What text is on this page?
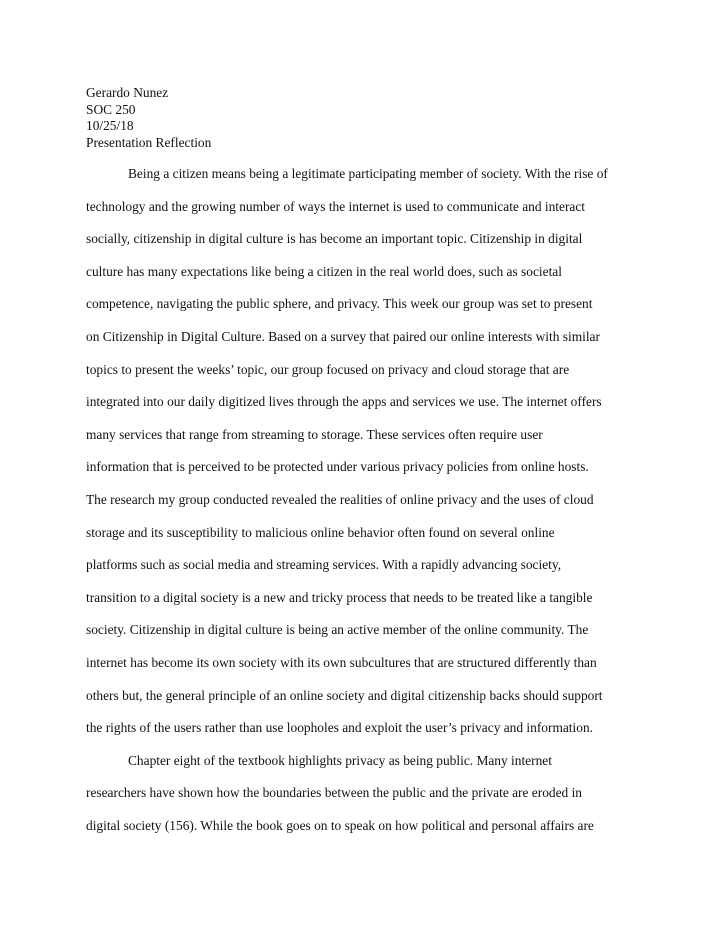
Gerardo Nunez
SOC 250
10/25/18
Presentation Reflection
Being a citizen means being a legitimate participating member of society. With the rise of
technology and the growing number of ways the internet is used to communicate and interact
socially, citizenship in digital culture is has become an important topic. Citizenship in digital
culture has many expectations like being a citizen in the real world does, such as societal
competence, navigating the public sphere, and privacy. This week our group was set to present
on Citizenship in Digital Culture. Based on a survey that paired our online interests with similar
topics to present the weeks’ topic, our group focused on privacy and cloud storage that are
integrated into our daily digitized lives through the apps and services we use. The internet offers
many services that range from streaming to storage. These services often require user
information that is perceived to be protected under various privacy policies from online hosts.
The research my group conducted revealed the realities of online privacy and the uses of cloud
storage and its susceptibility to malicious online behavior often found on several online
platforms such as social media and streaming services. With a rapidly advancing society,
transition to a digital society is a new and tricky process that needs to be treated like a tangible
society. Citizenship in digital culture is being an active member of the online community. The
internet has become its own society with its own subcultures that are structured differently than
others but, the general principle of an online society and digital citizenship backs should support
the rights of the users rather than use loopholes and exploit the user’s privacy and information.
Chapter eight of the textbook highlights privacy as being public. Many internet
researchers have shown how the boundaries between the public and the private are eroded in
digital society (156). While the book goes on to speak on how political and personal affairs are
